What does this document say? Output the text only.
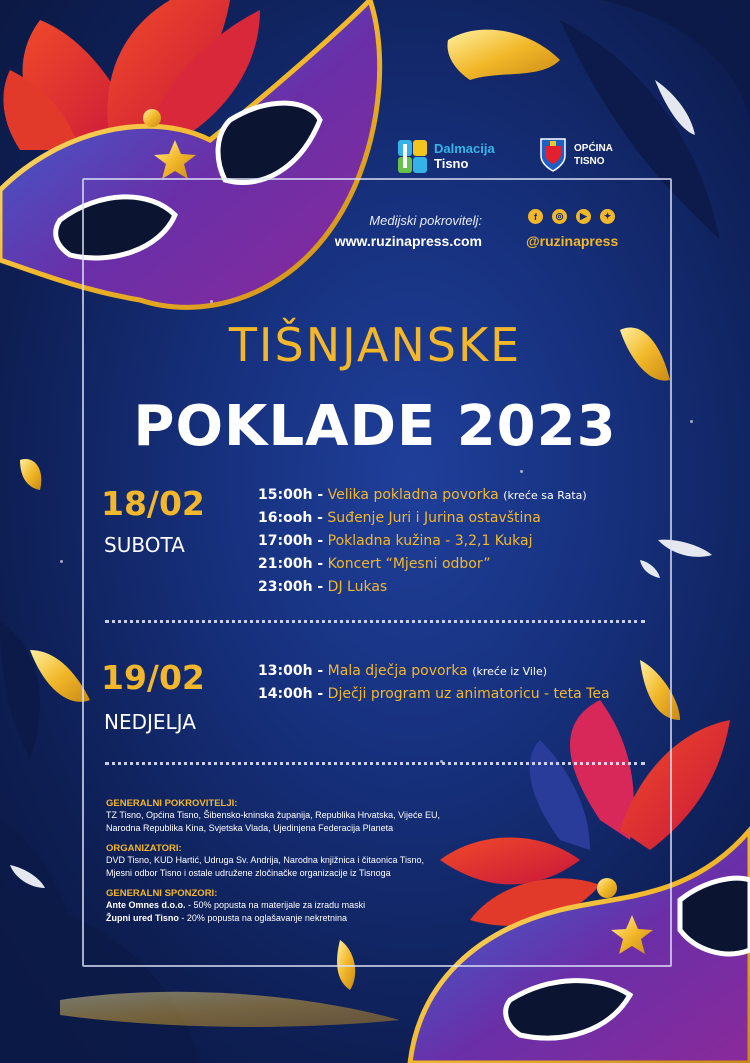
Dalmacija
Tisno
OPĆINA
TISNO
Medijski pokrovitelj:
www.ruzinapress.com
f	◎	▶	✦
@ruzinapress
TIŠNJANSKE
POKLADE 2023
18/02
SUBOTA
15:00h - Velika pokladna povorka (kreće sa Rata)
16:ooh - Suđenje Juri i Jurina ostavština
17:00h - Pokladna kužina - 3,2,1 Kukaj
21:00h - Koncert “Mjesni odbor”
23:00h - DJ Lukas
19/02
NEDJELJA
13:00h - Mala dječja povorka (kreće iz Vile)
14:00h - Dječji program uz animatoricu - teta Tea
GENERALNI POKROVITELJI:
TZ Tisno, Općina Tisno, Šibensko-kninska županija, Republika Hrvatska, Vijeće EU,
Narodna Republika Kina, Svjetska Vlada, Ujedinjena Federacija Planeta
ORGANIZATORI:
DVD Tisno, KUD Hartić, Udruga Sv. Andrija, Narodna knjižnica i čitaonica Tisno,
Mjesni odbor Tisno i ostale udružene zločinačke organizacije iz Tisnoga
GENERALNI SPONZORI:
Ante Omnes d.o.o. - 50% popusta na materijale za izradu maski
Župni ured Tisno - 20% popusta na oglašavanje nekretnina
